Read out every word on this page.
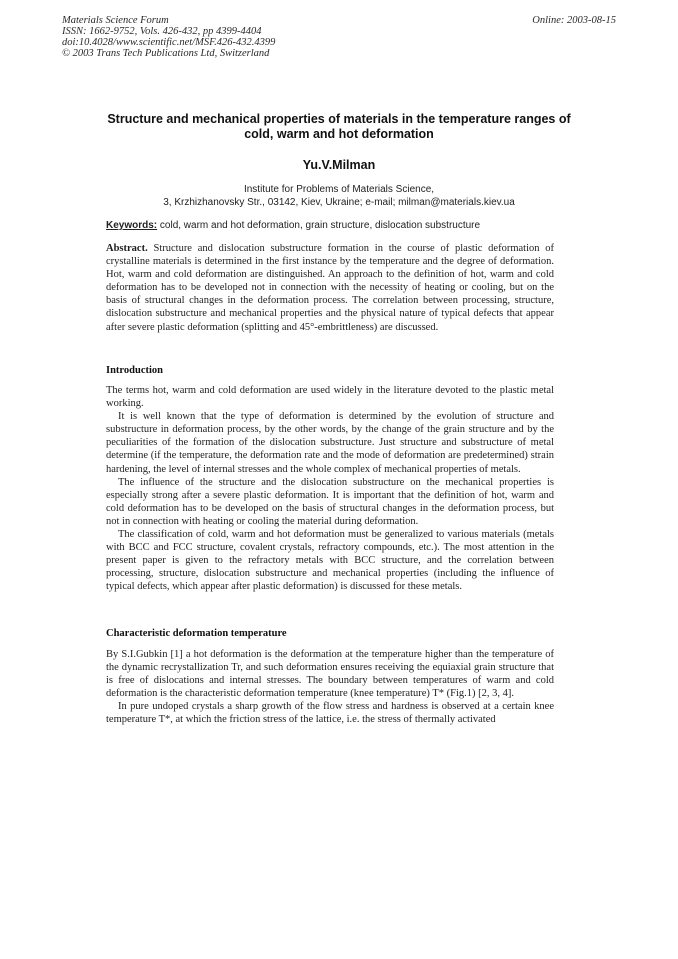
Materials Science Forum
ISSN: 1662-9752, Vols. 426-432, pp 4399-4404
doi:10.4028/www.scientific.net/MSF.426-432.4399
© 2003 Trans Tech Publications Ltd, Switzerland
Online: 2003-08-15
Structure and mechanical properties of materials in the temperature ranges of cold, warm and hot deformation
Yu.V.Milman
Institute for Problems of Materials Science,
3, Krzhizhanovsky Str., 03142, Kiev, Ukraine; e-mail; milman@materials.kiev.ua
Keywords: cold, warm and hot deformation, grain structure, dislocation substructure
Abstract. Structure and dislocation substructure formation in the course of plastic deformation of crystalline materials is determined in the first instance by the temperature and the degree of deformation. Hot, warm and cold deformation are distinguished. An approach to the definition of hot, warm and cold deformation has to be developed not in connection with the necessity of heating or cooling, but on the basis of structural changes in the deformation process. The correlation between processing, structure, dislocation substructure and mechanical properties and the physical nature of typical defects that appear after severe plastic deformation (splitting and 45°-embrittleness) are discussed.
Introduction

The terms hot, warm and cold deformation are used widely in the literature devoted to the plastic metal working.

It is well known that the type of deformation is determined by the evolution of structure and substructure in deformation process, by the other words, by the change of the grain structure and by the peculiarities of the formation of the dislocation substructure. Just structure and substructure of metal determine (if the temperature, the deformation rate and the mode of deformation are predetermined) strain hardening, the level of internal stresses and the whole complex of mechanical properties of metals.

The influence of the structure and the dislocation substructure on the mechanical properties is especially strong after a severe plastic deformation. It is important that the definition of hot, warm and cold deformation has to be developed on the basis of structural changes in the deformation process, but not in connection with heating or cooling the material during deformation.

The classification of cold, warm and hot deformation must be generalized to various materials (metals with BCC and FCC structure, covalent crystals, refractory compounds, etc.). The most attention in the present paper is given to the refractory metals with BCC structure, and the correlation between processing, structure, dislocation substructure and mechanical properties (including the influence of typical defects, which appear after plastic deformation) is discussed for these metals.

Characteristic deformation temperature

By S.I.Gubkin [1] a hot deformation is the deformation at the temperature higher than the temperature of the dynamic recrystallization Tr, and such deformation ensures receiving the equiaxial grain structure that is free of dislocations and internal stresses. The boundary between temperatures of warm and cold deformation is the characteristic deformation temperature (knee temperature) T* (Fig.1) [2, 3, 4].

In pure undoped crystals a sharp growth of the flow stress and hardness is observed at a certain knee temperature T*, at which the friction stress of the lattice, i.e. the stress of thermally activated
